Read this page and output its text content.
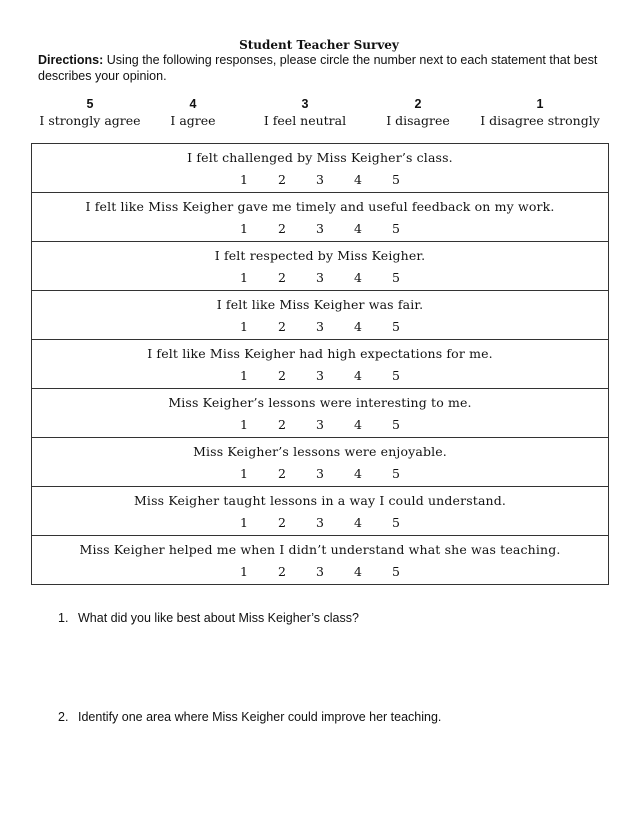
Student Teacher Survey
Directions: Using the following responses, please circle the number next to each statement that best describes your opinion.
5
I strongly agree
4
I agree
3
I feel neutral
2
I disagree
1
I disagree strongly
I felt challenged by Miss Keigher’s class.
1 2 3 4 5

I felt like Miss Keigher gave me timely and useful feedback on my work.
1 2 3 4 5

I felt respected by Miss Keigher.
1 2 3 4 5

I felt like Miss Keigher was fair.
1 2 3 4 5

I felt like Miss Keigher had high expectations for me.
1 2 3 4 5

Miss Keigher’s lessons were interesting to me.
1 2 3 4 5

Miss Keigher’s lessons were enjoyable.
1 2 3 4 5

Miss Keigher taught lessons in a way I could understand.
1 2 3 4 5

Miss Keigher helped me when I didn’t understand what she was teaching.
1 2 3 4 5
1. What did you like best about Miss Keigher’s class?
2. Identify one area where Miss Keigher could improve her teaching.
